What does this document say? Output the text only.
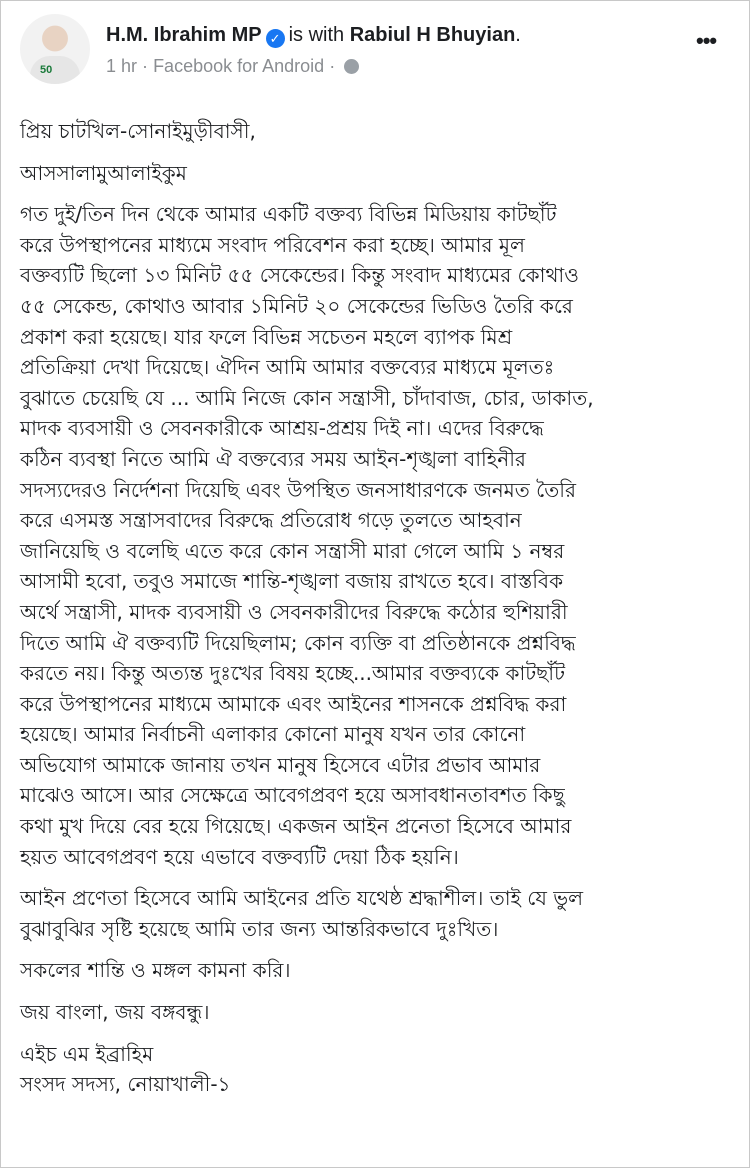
50
H.M. Ibrahim MP ✓ is with Rabiul H Bhuyian.
1 hr · Facebook for Android ·
•••
প্রিয় চাটখিল-সোনাইমুড়ীবাসী,
আসসালামুআলাইকুম
গত দুই/তিন দিন থেকে আমার একটি বক্তব্য বিভিন্ন মিডিয়ায় কাটছাঁট
করে উপস্থাপনের মাধ্যমে সংবাদ পরিবেশন করা হচ্ছে। আমার মূল
বক্তব্যটি ছিলো ১৩ মিনিট ৫৫ সেকেন্ডের। কিন্তু সংবাদ মাধ্যমের কোথাও
৫৫ সেকেন্ড, কোথাও আবার ১মিনিট ২০ সেকেন্ডের ভিডিও তৈরি করে
প্রকাশ করা হয়েছে। যার ফলে বিভিন্ন সচেতন মহলে ব্যাপক মিশ্র
প্রতিক্রিয়া দেখা দিয়েছে। ঐদিন আমি আমার বক্তব্যের মাধ্যমে মূলতঃ
বুঝাতে চেয়েছি যে ... আমি নিজে কোন সন্ত্রাসী, চাঁদাবাজ, চোর, ডাকাত,
মাদক ব্যবসায়ী ও সেবনকারীকে আশ্রয়-প্রশ্রয় দিই না। এদের বিরুদ্ধে
কঠিন ব্যবস্থা নিতে আমি ঐ বক্তব্যের সময় আইন-শৃঙ্খলা বাহিনীর
সদস্যদেরও নির্দেশনা দিয়েছি এবং উপস্থিত জনসাধারণকে জনমত তৈরি
করে এসমস্ত সন্ত্রাসবাদের বিরুদ্ধে প্রতিরোধ গড়ে তুলতে আহবান
জানিয়েছি ও বলেছি এতে করে কোন সন্ত্রাসী মারা গেলে আমি ১ নম্বর
আসামী হবো, তবুও সমাজে শান্তি-শৃঙ্খলা বজায় রাখতে হবে। বাস্তবিক
অর্থে সন্ত্রাসী, মাদক ব্যবসায়ী ও সেবনকারীদের বিরুদ্ধে কঠোর হুশিয়ারী
দিতে আমি ঐ বক্তব্যটি দিয়েছিলাম; কোন ব্যক্তি বা প্রতিষ্ঠানকে প্রশ্নবিদ্ধ
করতে নয়। কিন্তু অত্যন্ত দুঃখের বিষয় হচ্ছে...আমার বক্তব্যকে কাটছাঁট
করে উপস্থাপনের মাধ্যমে আমাকে এবং আইনের শাসনকে প্রশ্নবিদ্ধ করা
হয়েছে। আমার নির্বাচনী এলাকার কোনো মানুষ যখন তার কোনো
অভিযোগ আমাকে জানায় তখন মানুষ হিসেবে এটার প্রভাব আমার
মাঝেও আসে। আর সেক্ষেত্রে আবেগপ্রবণ হয়ে অসাবধানতাবশত কিছু
কথা মুখ দিয়ে বের হয়ে গিয়েছে। একজন আইন প্রনেতা হিসেবে আমার
হয়ত আবেগপ্রবণ হয়ে এভাবে বক্তব্যটি দেয়া ঠিক হয়নি।
আইন প্রণেতা হিসেবে আমি আইনের প্রতি যথেষ্ঠ শ্রদ্ধাশীল। তাই যে ভুল
বুঝাবুঝির সৃষ্টি হয়েছে আমি তার জন্য আন্তরিকভাবে দুঃখিত।
সকলের শান্তি ও মঙ্গল কামনা করি।
জয় বাংলা, জয় বঙ্গবন্ধু।
এইচ এম ইব্রাহিম
সংসদ সদস্য, নোয়াখালী-১
